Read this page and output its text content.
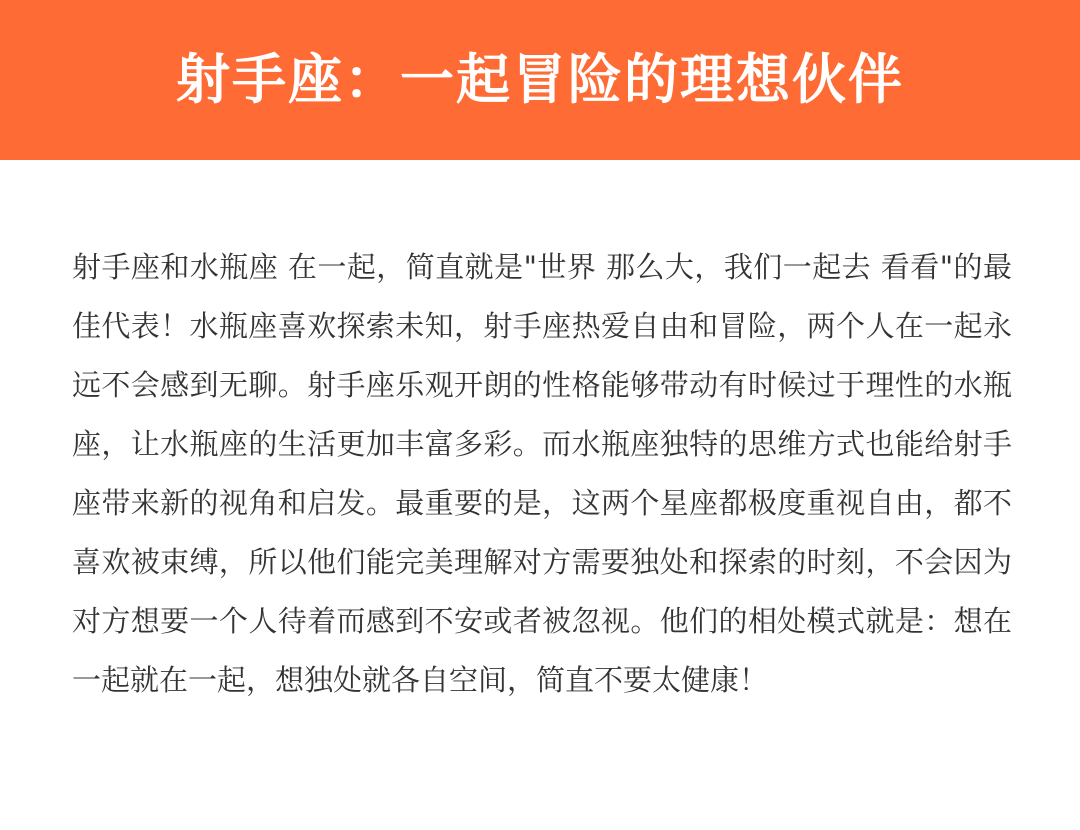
射手座：一起冒险的理想伙伴

射手座和水瓶座 在一起，简直就是"世界 那么大，我们一起去 看看"的最佳代表！水瓶座喜欢探索未知，射手座热爱自由和冒险，两个人在一起永远不会感到无聊。射手座乐观开朗的性格能够带动有时候过于理性的水瓶座，让水瓶座的生活更加丰富多彩。而水瓶座独特的思维方式也能给射手座带来新的视角和启发。最重要的是，这两个星座都极度重视自由，都不喜欢被束缚，所以他们能完美理解对方需要独处和探索的时刻，不会因为对方想要一个人待着而感到不安或者被忽视。他们的相处模式就是：想在一起就在一起，想独处就各自空间，简直不要太健康！
